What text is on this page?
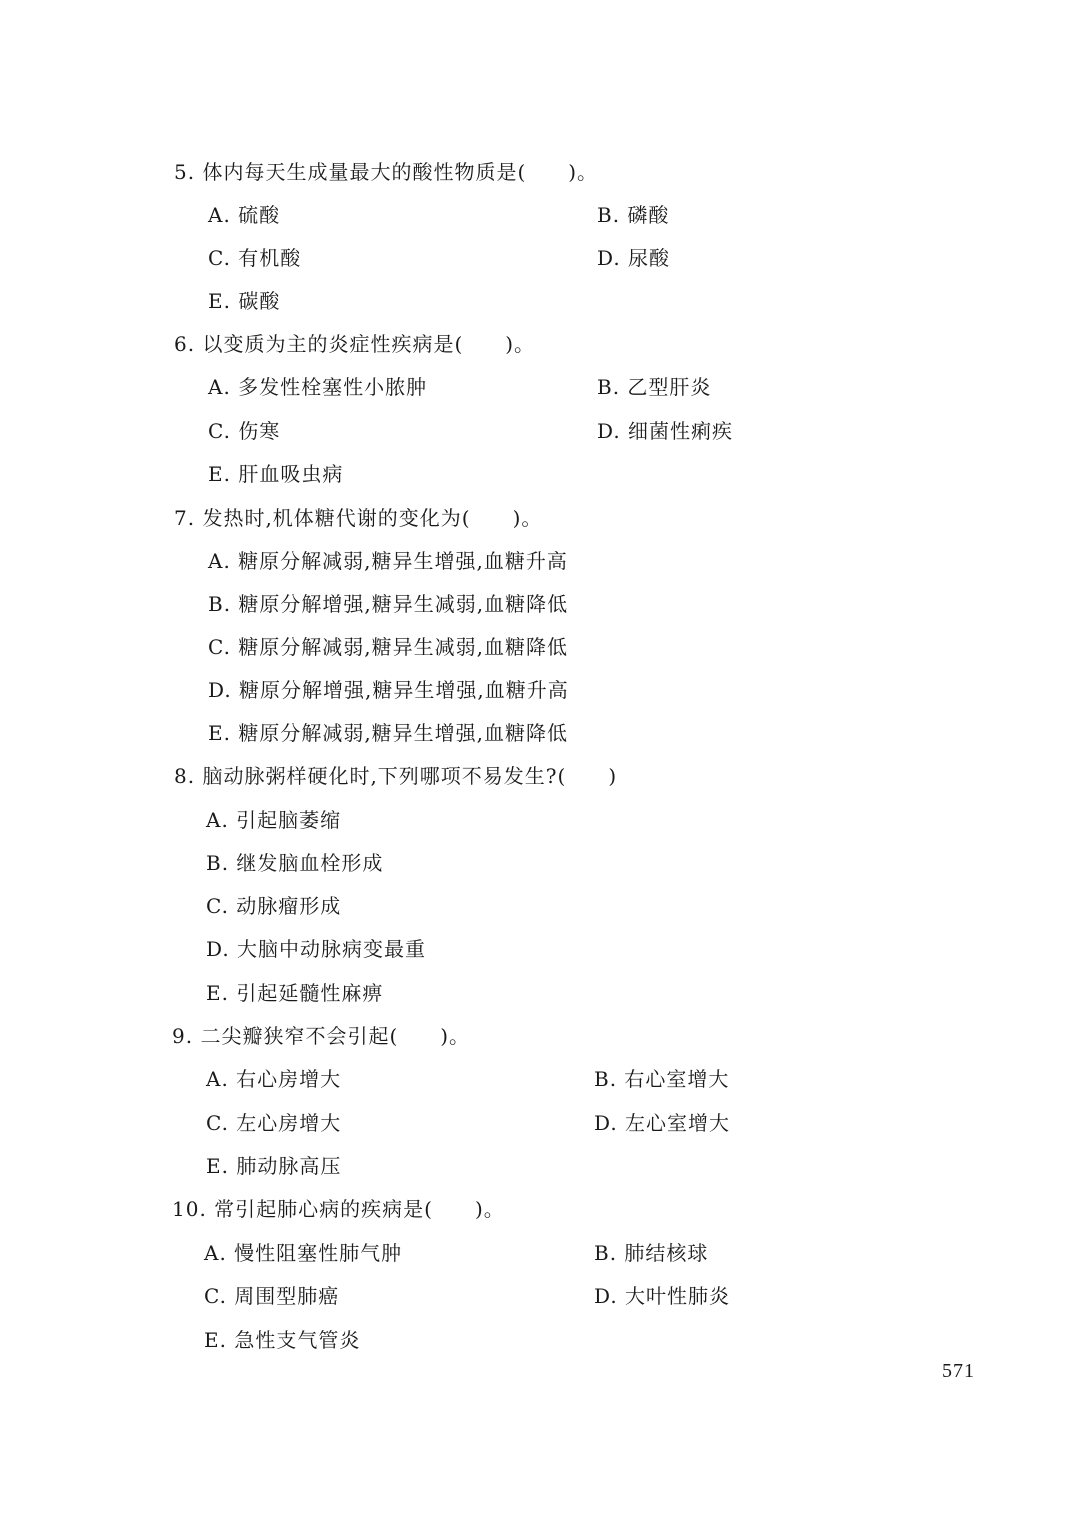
5. 体内每天生成量最大的酸性物质是(　　)。
A. 硫酸	B. 磷酸
C. 有机酸	D. 尿酸
E. 碳酸
6. 以变质为主的炎症性疾病是(　　)。
A. 多发性栓塞性小脓肿	B. 乙型肝炎
C. 伤寒	D. 细菌性痢疾
E. 肝血吸虫病
7. 发热时,机体糖代谢的变化为(　　)。
A. 糖原分解减弱,糖异生增强,血糖升高
B. 糖原分解增强,糖异生减弱,血糖降低
C. 糖原分解减弱,糖异生减弱,血糖降低
D. 糖原分解增强,糖异生增强,血糖升高
E. 糖原分解减弱,糖异生增强,血糖降低
8. 脑动脉粥样硬化时,下列哪项不易发生?(　　)
A. 引起脑萎缩
B. 继发脑血栓形成
C. 动脉瘤形成
D. 大脑中动脉病变最重
E. 引起延髓性麻痹
9. 二尖瓣狭窄不会引起(　　)。
A. 右心房增大	B. 右心室增大
C. 左心房增大	D. 左心室增大
E. 肺动脉高压
10. 常引起肺心病的疾病是(　　)。
A. 慢性阻塞性肺气肿	B. 肺结核球
C. 周围型肺癌	D. 大叶性肺炎
E. 急性支气管炎
571
